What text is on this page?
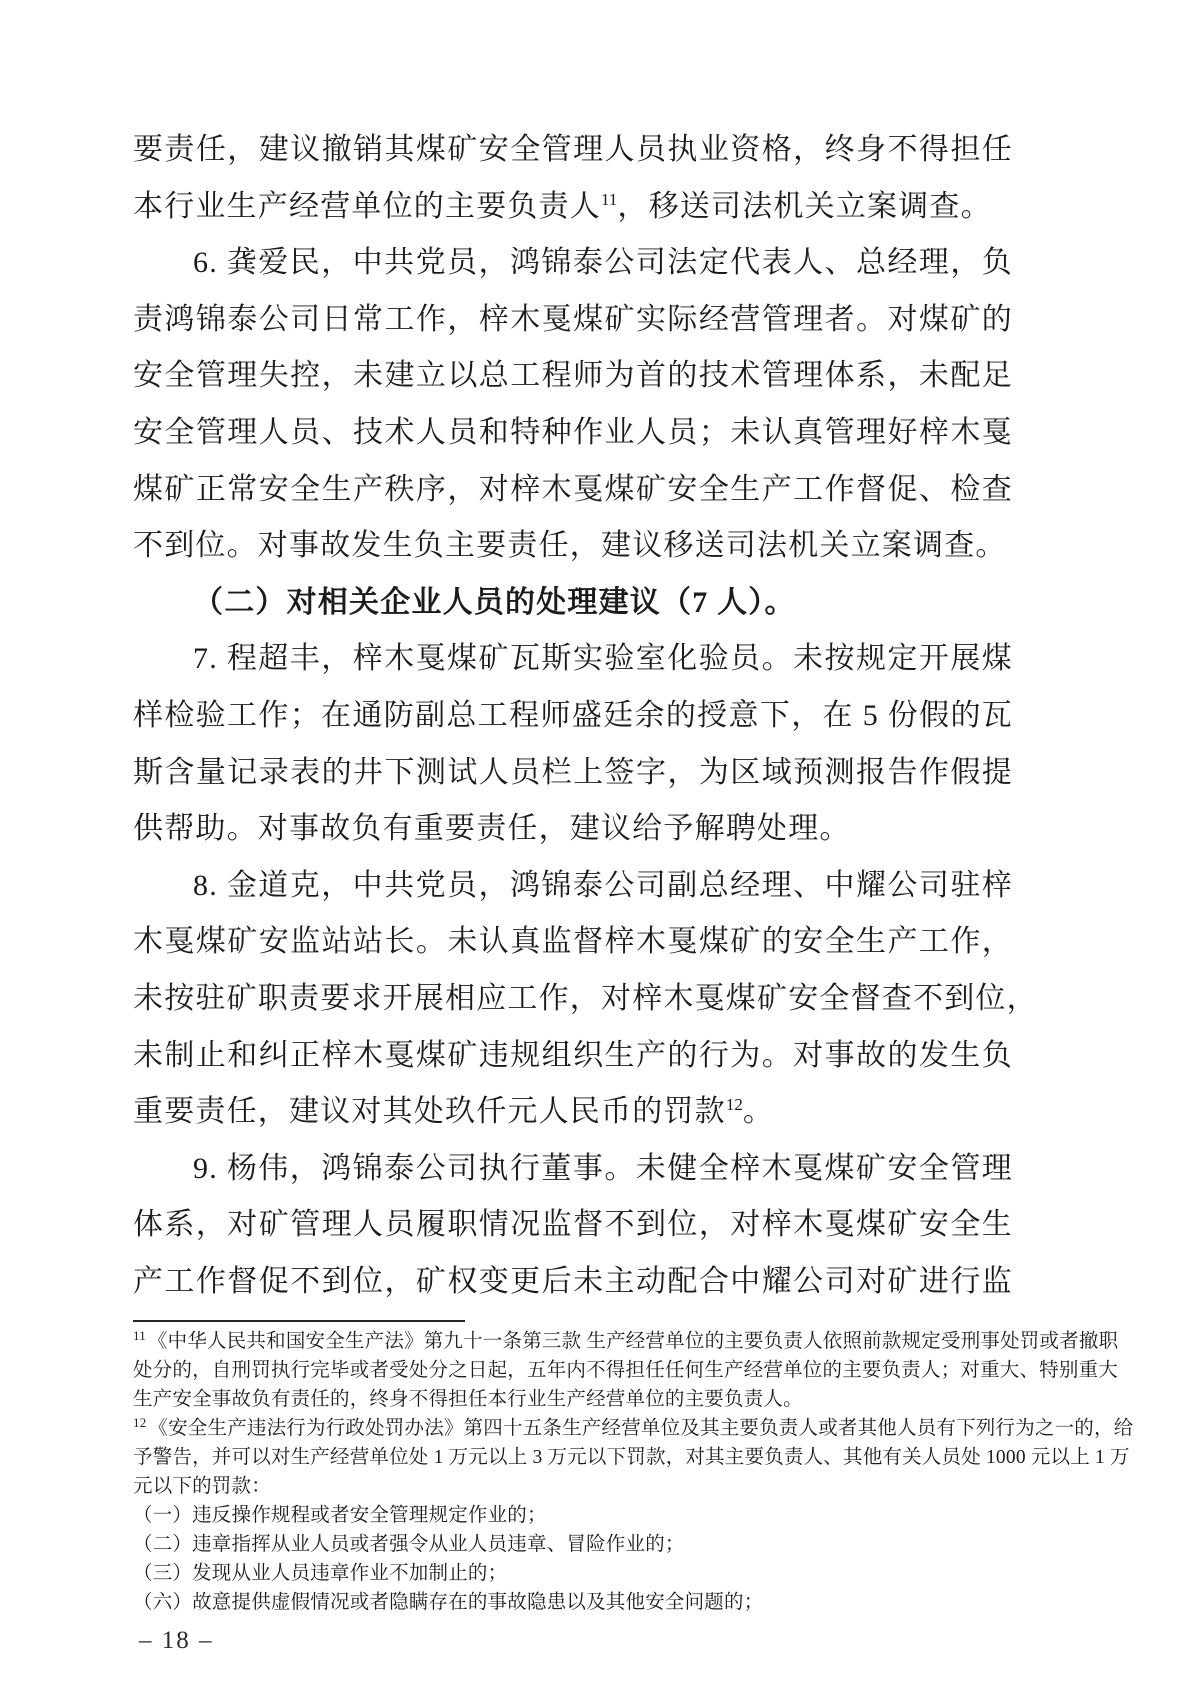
要责任，建议撤销其煤矿安全管理人员执业资格，终身不得担任
本行业生产经营单位的主要负责人$^{11}$，移送司法机关立案调查。
6. 龚爱民，中共党员，鸿锦泰公司法定代表人、总经理，负
责鸿锦泰公司日常工作，梓木戛煤矿实际经营管理者。对煤矿的
安全管理失控，未建立以总工程师为首的技术管理体系，未配足
安全管理人员、技术人员和特种作业人员；未认真管理好梓木戛
煤矿正常安全生产秩序，对梓木戛煤矿安全生产工作督促、检查
不到位。对事故发生负主要责任，建议移送司法机关立案调查。
（二）对相关企业人员的处理建议（7 人）。
7. 程超丰，梓木戛煤矿瓦斯实验室化验员。未按规定开展煤
样检验工作；在通防副总工程师盛廷余的授意下，在 5 份假的瓦
斯含量记录表的井下测试人员栏上签字，为区域预测报告作假提
供帮助。对事故负有重要责任，建议给予解聘处理。
8. 金道克，中共党员，鸿锦泰公司副总经理、中耀公司驻梓
木戛煤矿安监站站长。未认真监督梓木戛煤矿的安全生产工作，
未按驻矿职责要求开展相应工作，对梓木戛煤矿安全督查不到位，
未制止和纠正梓木戛煤矿违规组织生产的行为。对事故的发生负
重要责任，建议对其处玖仟元人民币的罚款$^{12}$。
9. 杨伟，鸿锦泰公司执行董事。未健全梓木戛煤矿安全管理
体系，对矿管理人员履职情况监督不到位，对梓木戛煤矿安全生
产工作督促不到位，矿权变更后未主动配合中耀公司对矿进行监
$^{11}$ 《中华人民共和国安全生产法》第九十一条第三款 生产经营单位的主要负责人依照前款规定受刑事处罚或者撤职
处分的，自刑罚执行完毕或者受处分之日起，五年内不得担任任何生产经营单位的主要负责人；对重大、特别重大
生产安全事故负有责任的，终身不得担任本行业生产经营单位的主要负责人。
$^{12}$ 《安全生产违法行为行政处罚办法》第四十五条生产经营单位及其主要负责人或者其他人员有下列行为之一的，给
予警告，并可以对生产经营单位处 1 万元以上 3 万元以下罚款，对其主要负责人、其他有关人员处 1000 元以上 1 万
元以下的罚款：
（一）违反操作规程或者安全管理规定作业的；
（二）违章指挥从业人员或者强令从业人员违章、冒险作业的；
（三）发现从业人员违章作业不加制止的；
（六）故意提供虚假情况或者隐瞒存在的事故隐患以及其他安全问题的；
– 18 –
